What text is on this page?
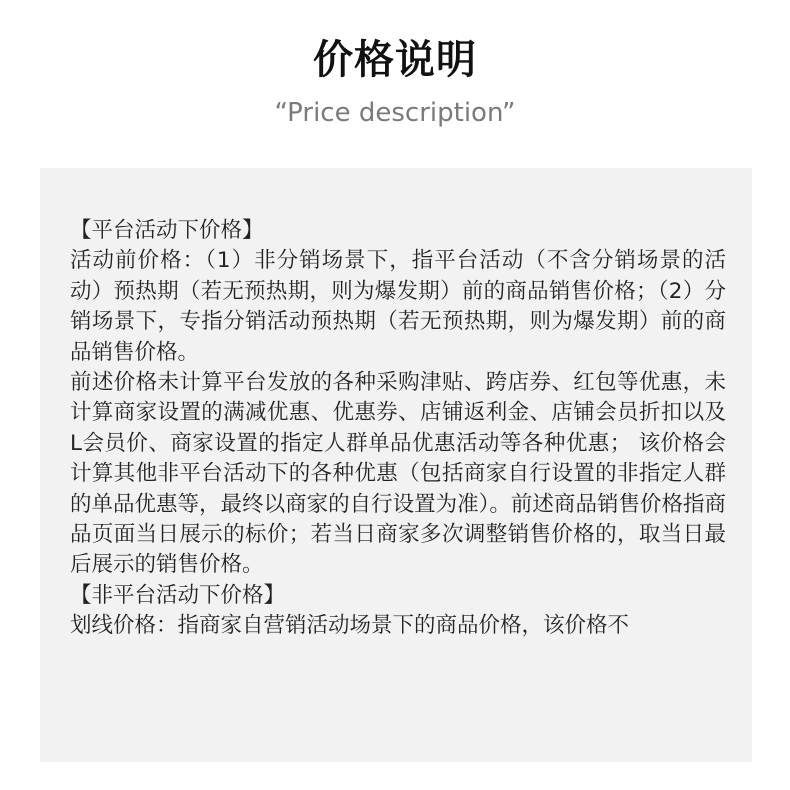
价格说明
“Price description”

【平台活动下价格】

活动前价格：（1）非分销场景下，指平台活动（不含分销场景的活动）预热期（若无预热期，则为爆发期）前的商品销售价格；（2）分销场景下，专指分销活动预热期（若无预热期，则为爆发期）前的商品销售价格。

前述价格未计算平台发放的各种采购津贴、跨店券、红包等优惠，未计算商家设置的满减优惠、优惠券、店铺返利金、店铺会员折扣以及L会员价、商家设置的指定人群单品优惠活动等各种优惠； 该价格会计算其他非平台活动下的各种优惠（包括商家自行设置的非指定人群的单品优惠等，最终以商家的自行设置为准）。前述商品销售价格指商品页面当日展示的标价；若当日商家多次调整销售价格的，取当日最后展示的销售价格。

【非平台活动下价格】

划线价格：指商家自营销活动场景下的商品价格，该价格不
